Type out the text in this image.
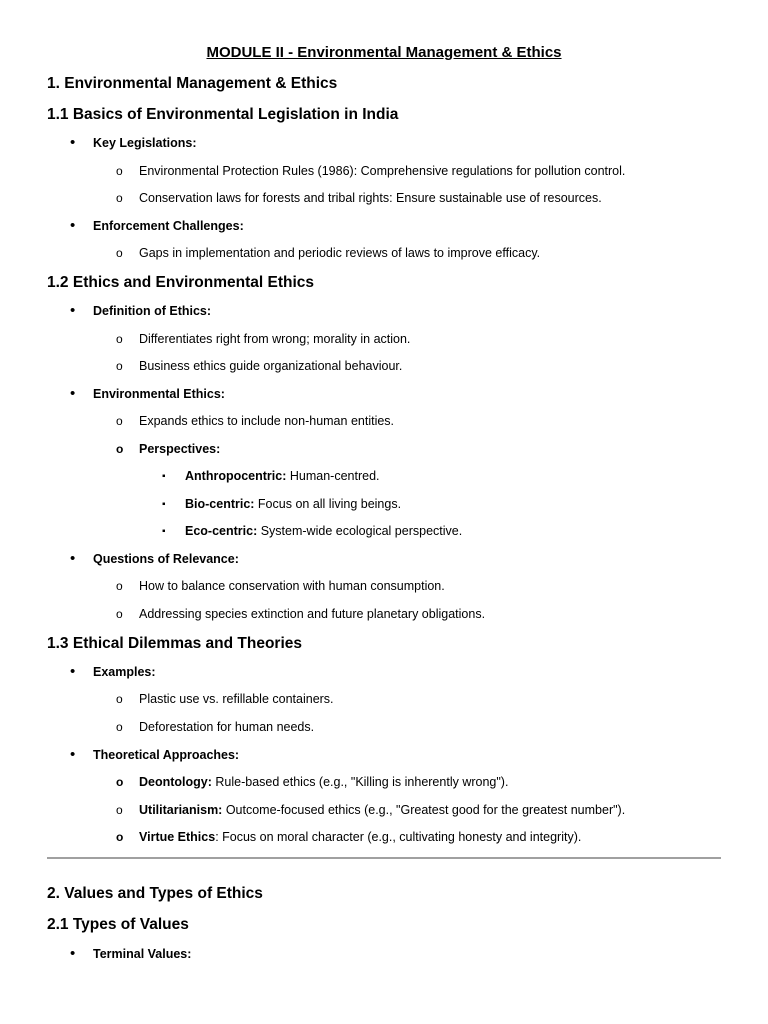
MODULE II - Environmental Management & Ethics
1. Environmental Management & Ethics
1.1 Basics of Environmental Legislation in India
• Key Legislations:
o Environmental Protection Rules (1986): Comprehensive regulations for pollution control.
o Conservation laws for forests and tribal rights: Ensure sustainable use of resources.
• Enforcement Challenges:
o Gaps in implementation and periodic reviews of laws to improve efficacy.
1.2 Ethics and Environmental Ethics
• Definition of Ethics:
o Differentiates right from wrong; morality in action.
o Business ethics guide organizational behaviour.
• Environmental Ethics:
o Expands ethics to include non-human entities.
o Perspectives:
▪ Anthropocentric: Human-centred.
▪ Bio-centric: Focus on all living beings.
▪ Eco-centric: System-wide ecological perspective.
• Questions of Relevance:
o How to balance conservation with human consumption.
o Addressing species extinction and future planetary obligations.
1.3 Ethical Dilemmas and Theories
• Examples:
o Plastic use vs. refillable containers.
o Deforestation for human needs.
• Theoretical Approaches:
o Deontology: Rule-based ethics (e.g., "Killing is inherently wrong").
o Utilitarianism: Outcome-focused ethics (e.g., "Greatest good for the greatest number").
o Virtue Ethics: Focus on moral character (e.g., cultivating honesty and integrity).
2. Values and Types of Ethics
2.1 Types of Values
• Terminal Values:
